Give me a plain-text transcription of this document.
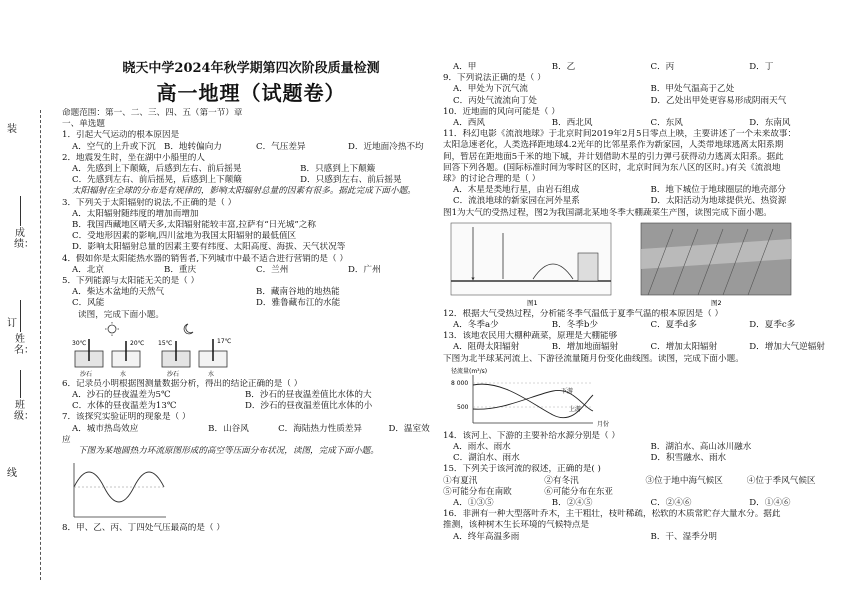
装
订
线
成绩：
姓名：
班级：
晓天中学2024年秋学期第四次阶段质量检测
高一地理（试题卷）
命题范围：第一、二、三、四、五（第一节）章
一、单选题
1．引起大气运动的根本原因是
A．空气的上升或下沉 B．地转偏向力	C．气压差异	D．近地面冷热不均
2．地震发生时，坐在湖中小船里的人
A．先感到上下颠簸，后感到左右、前后摇晃	B．只感到上下颠簸
C．先感到左右、前后摇晃，后感到上下颠簸	D．只感到左右、前后摇晃
太阳辐射在全球的分布是有规律的，影响太阳辐射总量的因素有很多。据此完成下面小题。
3．下列关于太阳辐射的说法,不正确的是（ ）
A．太阳辐射随纬度的增加而增加
B．我国西藏地区晴天多,太阳辐射能较丰富,拉萨有“日光城”之称
C．受地形因素的影响,四川盆地为我国太阳辐射的最低值区
D．影响太阳辐射总量的因素主要有纬度、太阳高度、海拔、天气状况等
4．假如你是太阳能热水器的销售者,下列城市中最不适合进行营销的是（ ）
A．北京	B．重庆	C．兰州	D．广州
5．下列能源与太阳能无关的是（ ）
A．柴达木盆地的天然气	B．藏南谷地的地热能
C．风能	D．雅鲁藏布江的水能
读图，完成下面小题。
30℃	20℃ 15℃	17℃
沙石	水	沙石	水
6．记录员小明根据图测量数据分析，得出的结论正确的是（ ）
A．沙石的昼夜温差为5℃	B．沙石的昼夜温差值比水体的大
C．水体的昼夜温差为13℃	D．沙石的昼夜温差值比水体的小
7．该探究实验证明的现象是（ ）
A．城市热岛效应	B．山谷风	C．海陆热力性质差异	D．温室效
应
下图为某地圆热力环流原图形成的高空等压面分布状况，读图，完成下面小题。
8．甲、乙、丙、丁四处气压最高的是（ ）
A．甲	B．乙	C．丙	D．丁
9．下列说法正确的是（ ）
A．甲处为下沉气流	B．甲处气温高于乙处
C．丙处气流流向丁处	D．乙处出甲处更容易形成阴雨天气
10．近地面的风向可能是（ ）
A．西风	B．西北风	C．东风	D．东南风
11．科幻电影《流浪地球》于北京时间2019年2月5日零点上映，主要讲述了一个未来故事：
太阳急速老化，人类选择距地球4.2光年的比邻星系作为新家园，人类带地球逃离太阳系期
间，暂居在距地面5千米的地下城，并计划借助木星的引力弹弓获得动力逃离太阳系。据此
回答下列各题。(国际标准时间为零时区的区时，北京时间为东八区的区时。)有关《流浪地
球》的讨论合理的是（ ）
A．木星是类地行星，由岩石组成	B．地下城位于地球圈层的地壳部分
C．流浪地球的新家园在河外星系	D．太阳活动为地球提供光、热资源
图1为大气的受热过程，图2为我国湖北某地冬季大棚蔬菜生产图，读图完成下面小题。
图1	图2
12．根据大气受热过程，分析能冬季气温低于夏季气温的根本原因是（ ）
A．冬季a少	B．冬季b少	C．夏季d多	D．夏季c多
13．该地农民用大棚种蔬菜，原理是大棚能够
A．阻碍太阳辐射	B．增加地面辐射	C．增加太阳辐射	D．增加大气逆辐射
下图为北半球某河流上、下游径流量随月份变化曲线图。读图，完成下面小题。
径流量(m³/s)
8 000
500
下游
上游
月份
14．该河上、下游的主要补给水源分别是（ ）
A．雨水、雨水	B．湖泊水、高山冰川融水
C．湖泊水、雨水	D．积雪融水、雨水
15．下列关于该河流的叙述，正确的是( )
①有夏汛	②有冬汛	③位于地中海气候区	④位于季风气候区
⑤可能分布在南欧	⑥可能分布在东亚
A．①③⑤	B．②④⑤	C．②④⑥	D．①④⑥
16．非洲有一种大型落叶乔木，主干粗壮，枝叶稀疏，松软的木质常贮存大量水分。据此
推测，该种树木生长环境的气候特点是
A．终年高温多雨	B．干、湿季分明
